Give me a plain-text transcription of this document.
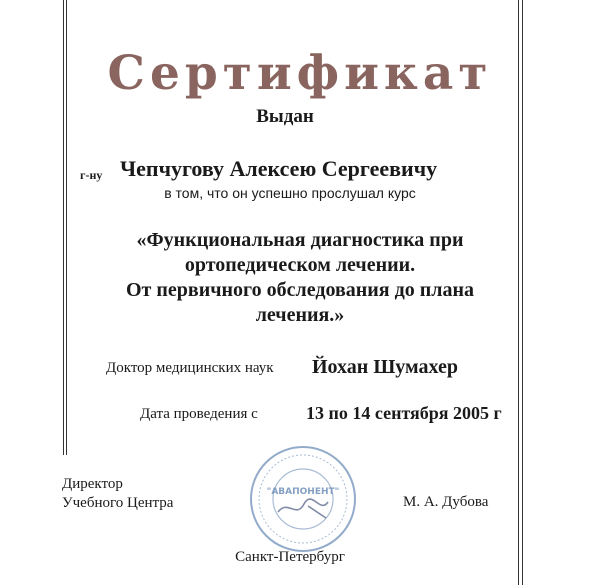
Сертификат
Выдан
г-ну Чепчугову Алексею Сергеевичу
в том, что он успешно прослушал курс
«Функциональная диагностика при
ортопедическом лечении.
От первичного обследования до плана
лечения.»
Доктор медицинских наук Йохан Шумахер
Дата проведения с	13 по 14 сентября 2005 г
Директор
Учебного Центра
"АВАПОНЕНТ"
М. А. Дубова
Санкт-Петербург
